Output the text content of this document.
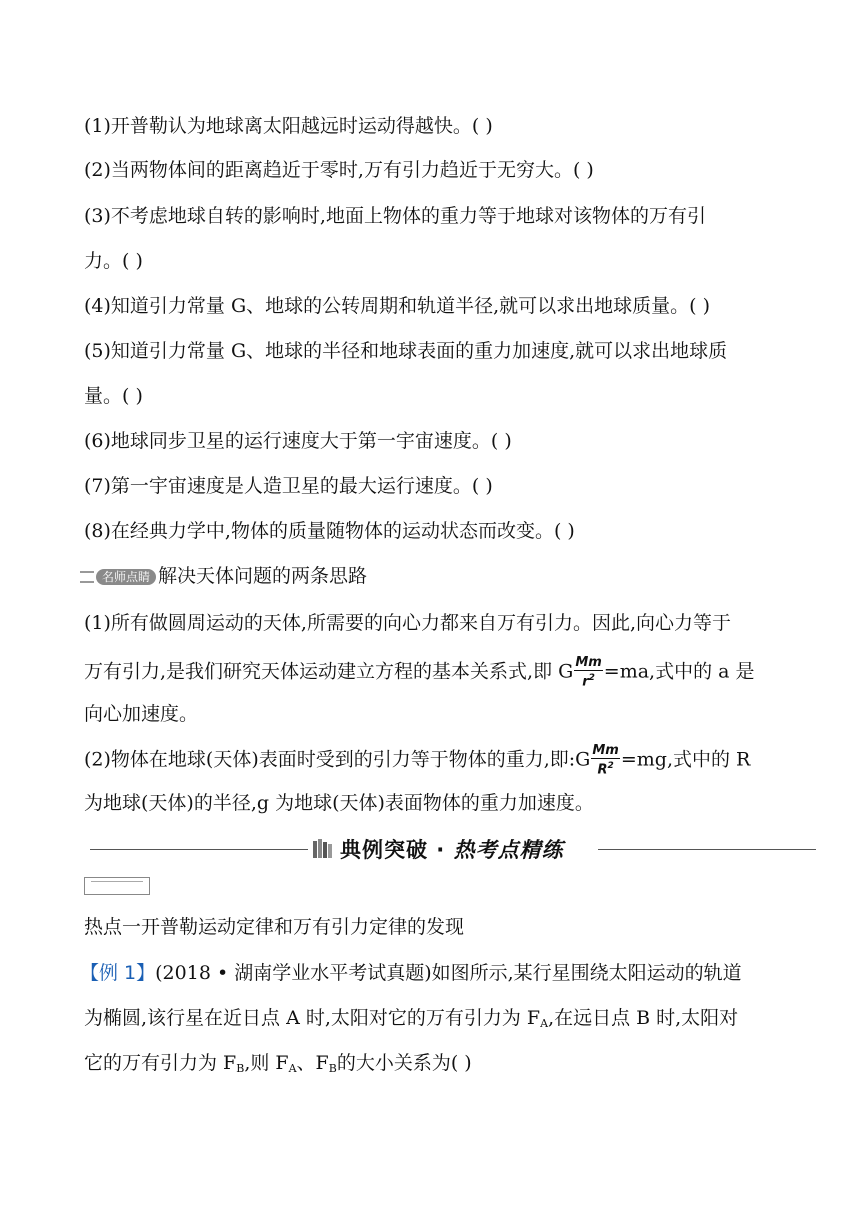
(1)开普勒认为地球离太阳越远时运动得越快。( )
(2)当两物体间的距离趋近于零时,万有引力趋近于无穷大。( )
(3)不考虑地球自转的影响时,地面上物体的重力等于地球对该物体的万有引
力。( )
(4)知道引力常量 G、地球的公转周期和轨道半径,就可以求出地球质量。( )
(5)知道引力常量 G、地球的半径和地球表面的重力加速度,就可以求出地球质
量。( )
(6)地球同步卫星的运行速度大于第一宇宙速度。( )
(7)第一宇宙速度是人造卫星的最大运行速度。( )
(8)在经典力学中,物体的质量随物体的运动状态而改变。( )
名师点睛 解决天体问题的两条思路
(1)所有做圆周运动的天体,所需要的向心力都来自万有引力。因此,向心力等于
万有引力,是我们研究天体运动建立方程的基本关系式,即 G $\frac{Mm}{r^2} =ma$,式中的 a 是
向心加速度。
(2)物体在地球(天体)表面时受到的引力等于物体的重力,即:G $\frac{Mm}{R^2} =mg$,式中的 R
为地球(天体)的半径,g 为地球(天体)表面物体的重力加速度。
典例突破 · 热考点精练
热点一开普勒运动定律和万有引力定律的发现
【例 1】(2018 • 湖南学业水平考试真题)如图所示,某行星围绕太阳运动的轨道
为椭圆,该行星在近日点 A 时,太阳对它的万有引力为 $F_A$,在远日点 B 时,太阳对
它的万有引力为 $F_B$,则 $F_A$、$F_B$的大小关系为( )
